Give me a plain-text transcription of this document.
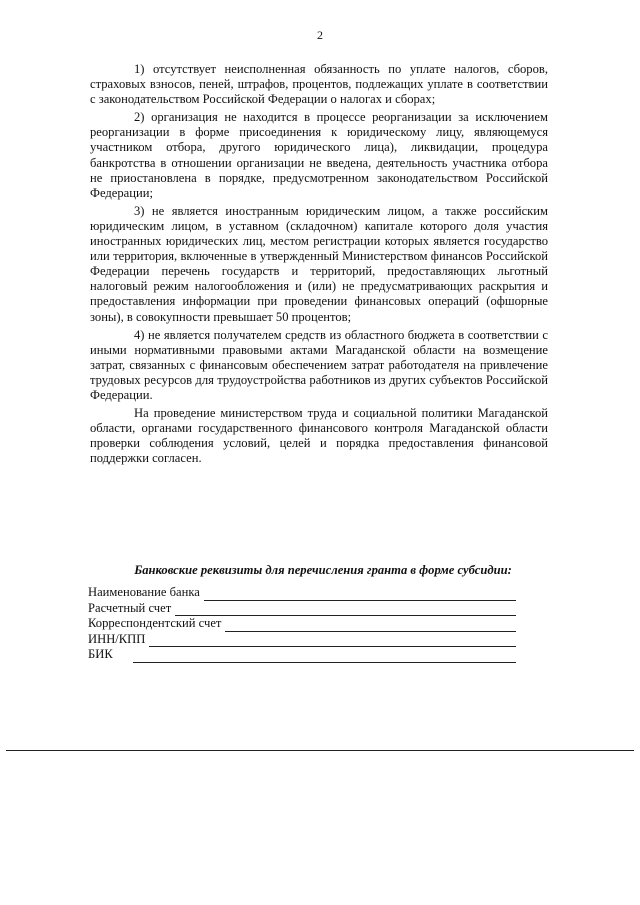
2

1) отсутствует неисполненная обязанность по уплате налогов, сборов, страховых взносов, пеней, штрафов, процентов, подлежащих уплате в соответствии с законодательством Российской Федерации о налогах и сборах;

2) организация не находится в процессе реорганизации за исключением реорганизации в форме присоединения к юридическому лицу, являющемуся участником отбора, другого юридического лица), ликвидации, процедура банкротства в отношении организации не введена, деятельность участника отбора не приостановлена в порядке, предусмотренном законодательством Российской Федерации;

3) не является иностранным юридическим лицом, а также российским юридическим лицом, в уставном (складочном) капитале которого доля участия иностранных юридических лиц, местом регистрации которых является государство или территория, включенные в утвержденный Министерством финансов Российской Федерации перечень государств и территорий, предоставляющих льготный налоговый режим налогообложения и (или) не предусматривающих раскрытия и предоставления информации при проведении финансовых операций (офшорные зоны), в совокупности превышает 50 процентов;

4) не является получателем средств из областного бюджета в соответствии с иными нормативными правовыми актами Магаданской области на возмещение затрат, связанных с финансовым обеспечением затрат работодателя на привлечение трудовых ресурсов для трудоустройства работников из других субъектов Российской Федерации.

На проведение министерством труда и социальной политики Магаданской области, органами государственного финансового контроля Магаданской области проверки соблюдения условий, целей и порядка предоставления финансовой поддержки согласен.

Банковские реквизиты для перечисления гранта в форме субсидии:
Наименование банка
Расчетный счет
Корреспондентский счет
ИНН/КПП
БИК
